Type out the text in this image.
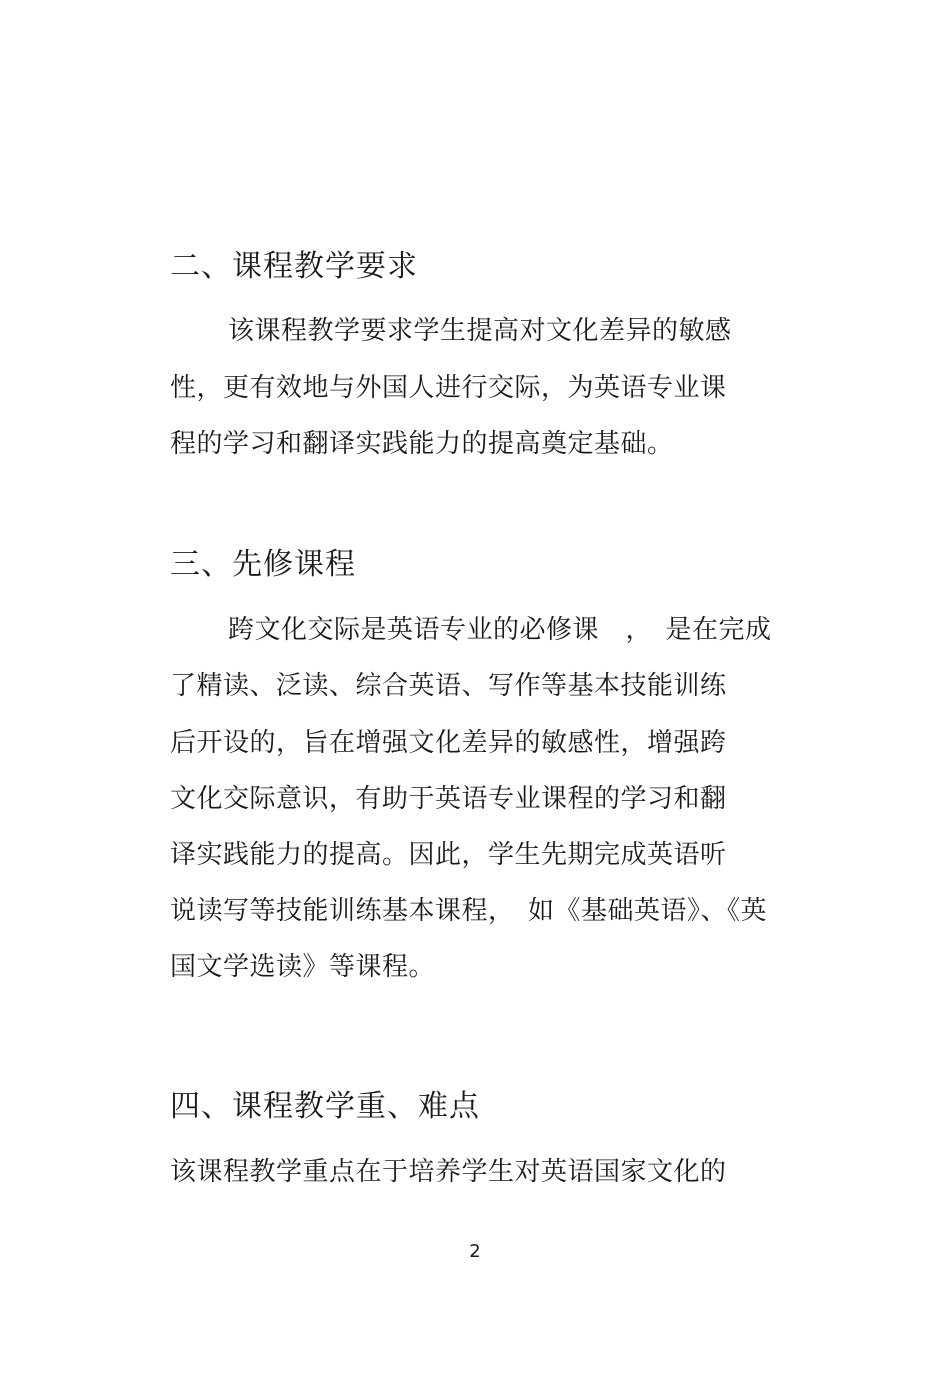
二、课程教学要求
该课程教学要求学生提高对文化差异的敏感
性，更有效地与外国人进行交际，为英语专业课
程的学习和翻译实践能力的提高奠定基础。
三、先修课程
跨文化交际是英语专业的必修课　，　是在完成
了精读、泛读、综合英语、写作等基本技能训练
后开设的，旨在增强文化差异的敏感性，增强跨
文化交际意识，有助于英语专业课程的学习和翻
译实践能力的提高。因此，学生先期完成英语听
说读写等技能训练基本课程，　如《基础英语》、《英
国文学选读》等课程。
四、课程教学重、难点
该课程教学重点在于培养学生对英语国家文化的
2
